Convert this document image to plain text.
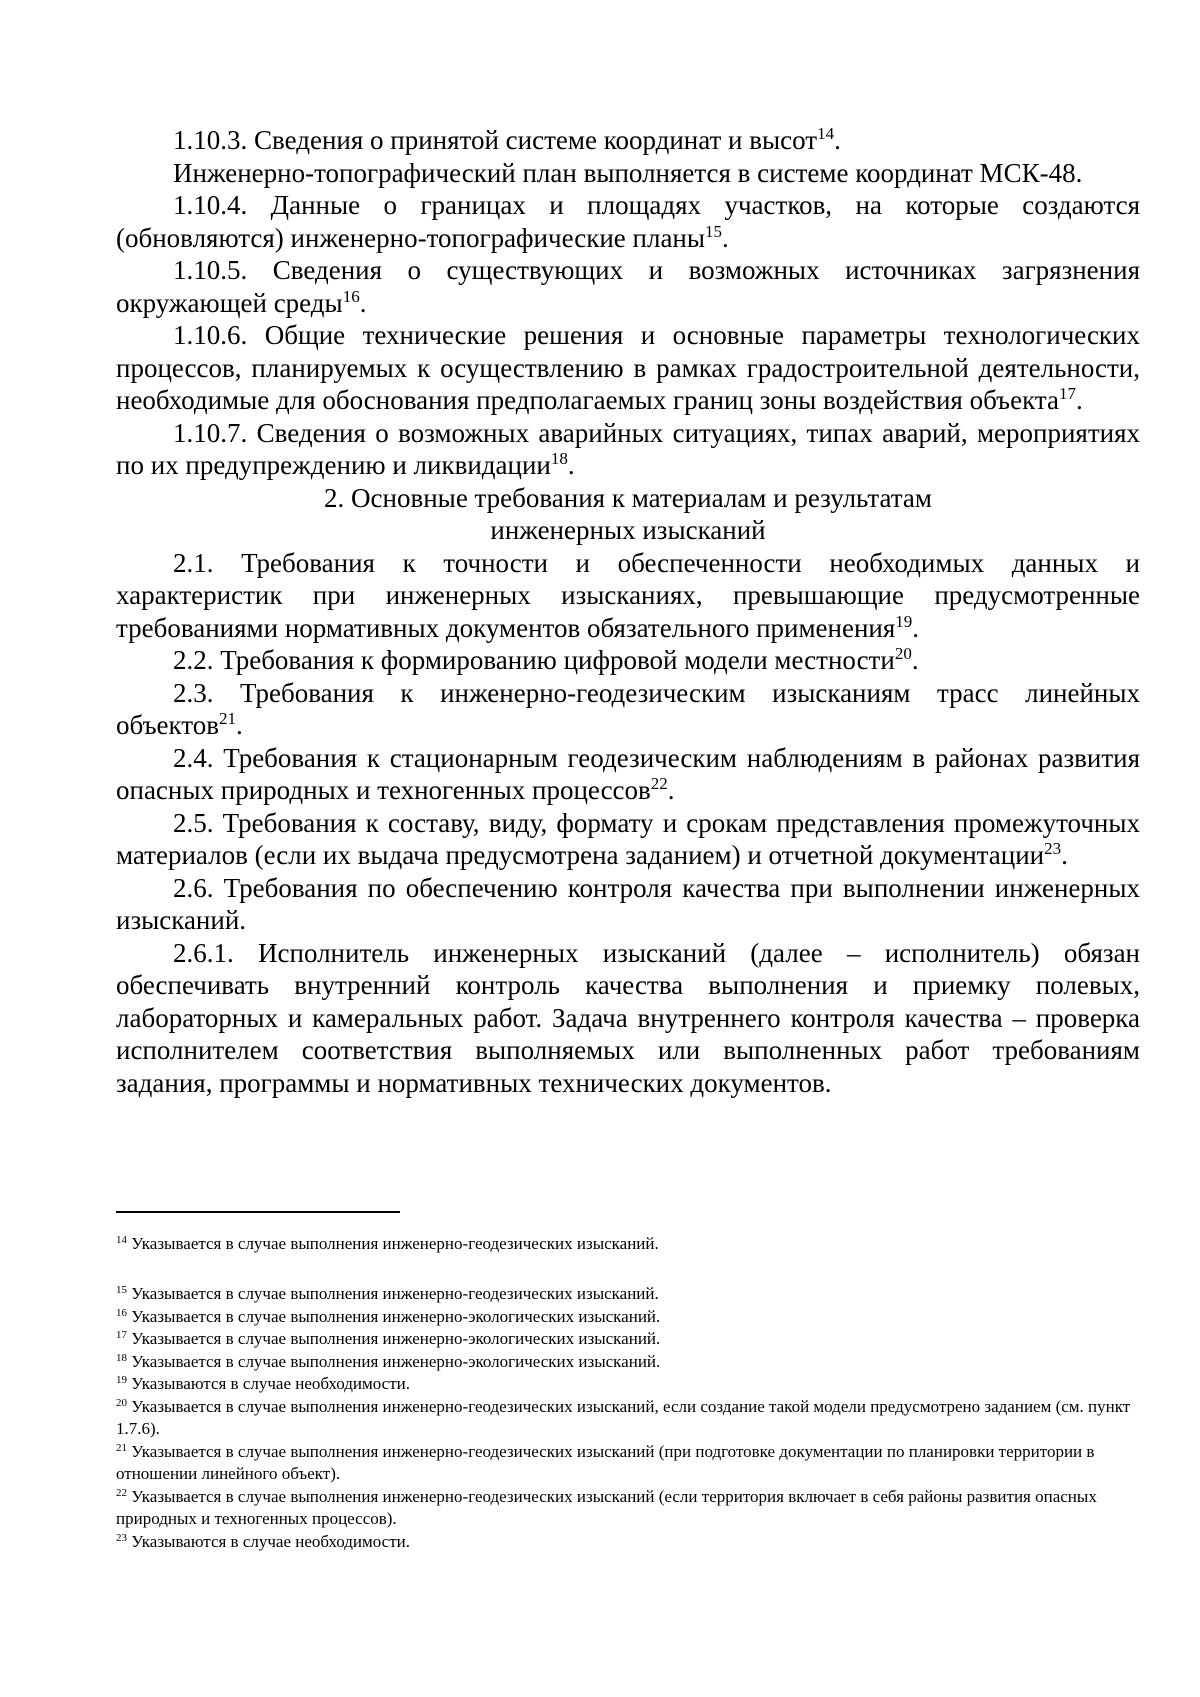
1.10.3. Сведения о принятой системе координат и высот$^{14}$.

Инженерно-топографический план выполняется в системе координат МСК-48.

1.10.4. Данные о границах и площадях участков, на которые создаются (обновляются) инженерно-топографические планы$^{15}$.

1.10.5. Сведения о существующих и возможных источниках загрязнения окружающей среды$^{16}$.

1.10.6. Общие технические решения и основные параметры технологических процессов, планируемых к осуществлению в рамках градостроительной деятельности, необходимые для обоснования предполагаемых границ зоны воздействия объекта$^{17}$.

1.10.7. Сведения о возможных аварийных ситуациях, типах аварий, мероприятиях по их предупреждению и ликвидации$^{18}$.

2. Основные требования к материалам и результатам
инженерных изысканий

2.1. Требования к точности и обеспеченности необходимых данных и характеристик при инженерных изысканиях, превышающие предусмотренные требованиями нормативных документов обязательного применения$^{19}$.

2.2. Требования к формированию цифровой модели местности$^{20}$.

2.3. Требования к инженерно-геодезическим изысканиям трасс линейных объектов$^{21}$.

2.4. Требования к стационарным геодезическим наблюдениям в районах развития опасных природных и техногенных процессов$^{22}$.

2.5. Требования к составу, виду, формату и срокам представления промежуточных материалов (если их выдача предусмотрена заданием) и отчетной документации$^{23}$.

2.6. Требования по обеспечению контроля качества при выполнении инженерных изысканий.

2.6.1. Исполнитель инженерных изысканий (далее – исполнитель) обязан обеспечивать внутренний контроль качества выполнения и приемку полевых, лабораторных и камеральных работ. Задача внутреннего контроля качества – проверка исполнителем соответствия выполняемых или выполненных работ требованиям задания, программы и нормативных технических документов.

$^{14}$ Указывается в случае выполнения инженерно-геодезических изысканий.

$^{15}$ Указывается в случае выполнения инженерно-геодезических изысканий.

$^{16}$ Указывается в случае выполнения инженерно-экологических изысканий.

$^{17}$ Указывается в случае выполнения инженерно-экологических изысканий.

$^{18}$ Указывается в случае выполнения инженерно-экологических изысканий.

$^{19}$ Указываются в случае необходимости.

$^{20}$ Указывается в случае выполнения инженерно-геодезических изысканий, если создание такой модели предусмотрено заданием (см. пункт 1.7.6).

$^{21}$ Указывается в случае выполнения инженерно-геодезических изысканий (при подготовке документации по планировки территории в отношении линейного объект).

$^{22}$ Указывается в случае выполнения инженерно-геодезических изысканий (если территория включает в себя районы развития опасных природных и техногенных процессов).

$^{23}$ Указываются в случае необходимости.
